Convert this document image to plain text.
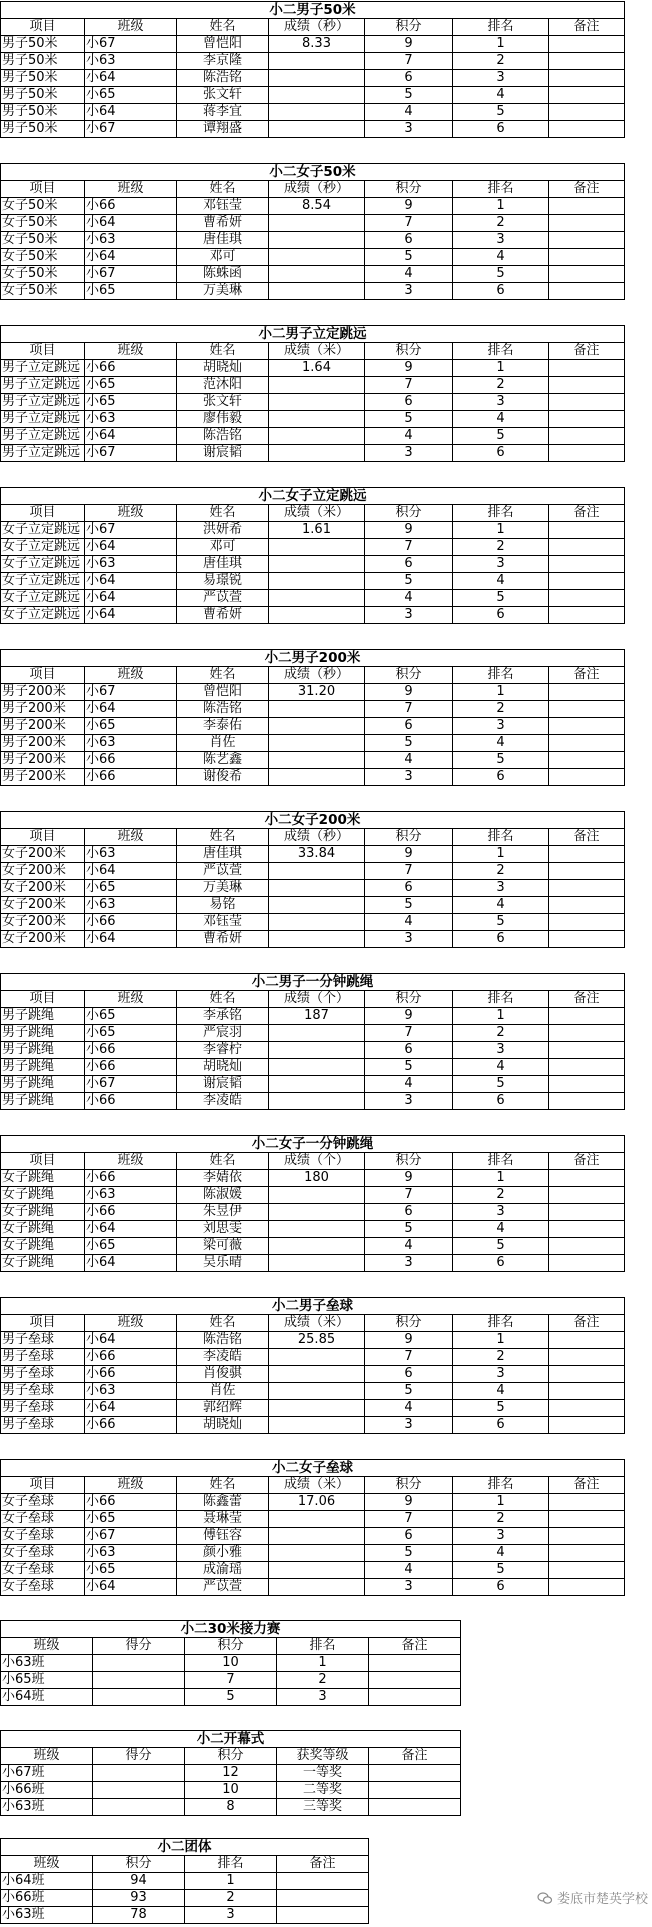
小二男子50米						
项目	班级	姓名	成绩（秒）	积分	排名	备注
男子50米	小67	曾恺阳	8.33	9	1	
男子50米	小63	李京隆		7	2	
男子50米	小64	陈浩铭		6	3	
男子50米	小65	张文轩		5	4	
男子50米	小64	蒋李宜		4	5	
男子50米	小67	谭翔盛		3	6	
小二女子50米						
项目	班级	姓名	成绩（秒）	积分	排名	备注
女子50米	小66	邓钰莹	8.54	9	1	
女子50米	小64	曹希妍		7	2	
女子50米	小63	唐佳琪		6	3	
女子50米	小64	邓可		5	4	
女子50米	小67	陈蛛函		4	5	
女子50米	小65	万美琳		3	6	
小二男子立定跳远						
项目	班级	姓名	成绩（米）	积分	排名	备注
男子立定跳远	小66	胡晓灿	1.64	9	1	
男子立定跳远	小65	范沐阳		7	2	
男子立定跳远	小65	张文轩		6	3	
男子立定跳远	小63	廖伟毅		5	4	
男子立定跳远	小64	陈浩铭		4	5	
男子立定跳远	小67	谢宸韬		3	6	
小二女子立定跳远						
项目	班级	姓名	成绩（米）	积分	排名	备注
女子立定跳远	小67	洪妍希	1.61	9	1	
女子立定跳远	小64	邓可		7	2	
女子立定跳远	小63	唐佳琪		6	3	
女子立定跳远	小64	易璟锐		5	4	
女子立定跳远	小64	严苡萱		4	5	
女子立定跳远	小64	曹希妍		3	6	
小二男子200米						
项目	班级	姓名	成绩（秒）	积分	排名	备注
男子200米	小67	曾恺阳	31.20	9	1	
男子200米	小64	陈浩铭		7	2	
男子200米	小65	李泰佑		6	3	
男子200米	小63	肖佐		5	4	
男子200米	小66	陈艺鑫		4	5	
男子200米	小66	谢俊希		3	6	
小二女子200米						
项目	班级	姓名	成绩（秒）	积分	排名	备注
女子200米	小63	唐佳琪	33.84	9	1	
女子200米	小64	严苡萱		7	2	
女子200米	小65	万美琳		6	3	
女子200米	小63	易铭		5	4	
女子200米	小66	邓钰莹		4	5	
女子200米	小64	曹希妍		3	6	
小二男子一分钟跳绳						
项目	班级	姓名	成绩（个）	积分	排名	备注
男子跳绳	小65	李承铭	187	9	1	
男子跳绳	小65	严宸羽		7	2	
男子跳绳	小66	李睿柠		6	3	
男子跳绳	小66	胡晓灿		5	4	
男子跳绳	小67	谢宸韬		4	5	
男子跳绳	小66	李凌皓		3	6	
小二女子一分钟跳绳						
项目	班级	姓名	成绩（个）	积分	排名	备注
女子跳绳	小66	李婧依	180	9	1	
女子跳绳	小63	陈淑媛		7	2	
女子跳绳	小66	朱昱伊		6	3	
女子跳绳	小64	刘思雯		5	4	
女子跳绳	小65	梁可薇		4	5	
女子跳绳	小64	吴乐晴		3	6	
小二男子垒球						
项目	班级	姓名	成绩（米）	积分	排名	备注
男子垒球	小64	陈浩铭	25.85	9	1	
男子垒球	小66	李凌皓		7	2	
男子垒球	小66	肖俊骐		6	3	
男子垒球	小63	肖佐		5	4	
男子垒球	小64	郭绍辉		4	5	
男子垒球	小66	胡晓灿		3	6	
小二女子垒球						
项目	班级	姓名	成绩（米）	积分	排名	备注
女子垒球	小66	陈鑫蕾	17.06	9	1	
女子垒球	小65	聂琳莹		7	2	
女子垒球	小67	傅钰容		6	3	
女子垒球	小63	颜小雅		5	4	
女子垒球	小65	成渝瑶		4	5	
女子垒球	小64	严苡萱		3	6	
小二30米接力赛				
班级	得分	积分	排名	备注
小63班		10	1	
小65班		7	2	
小64班		5	3	
小二开幕式				
班级	得分	积分	获奖等级	备注
小67班		12	一等奖	
小66班		10	二等奖	
小63班		8	三等奖	
小二团体			
班级	积分	排名	备注
小64班	94	1	
小66班	93	2	
小63班	78	3	
娄底市楚英学校
